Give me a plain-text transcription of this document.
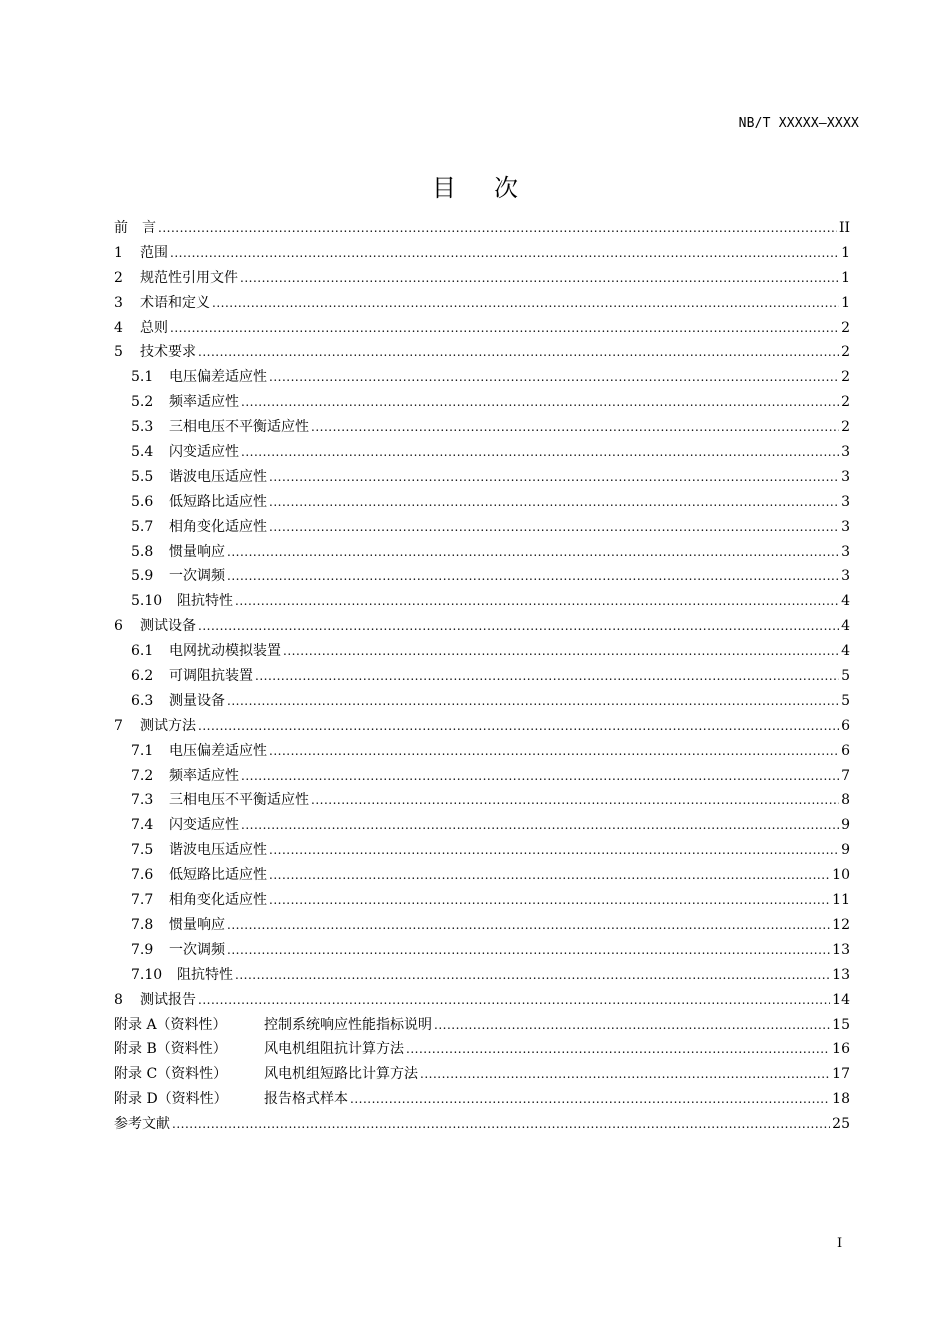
NB/T XXXXX—XXXX
目次
前　言 .....	II
1	范围 .....	1
2	规范性引用文件 .....	1
3	术语和定义 .....	1
4	总则 .....	2
5	技术要求 .....	2
5.1	电压偏差适应性 .....	2
5.2	频率适应性 .....	2
5.3	三相电压不平衡适应性 .....	2
5.4	闪变适应性 .....	3
5.5	谐波电压适应性 .....	3
5.6	低短路比适应性 .....	3
5.7	相角变化适应性 .....	3
5.8	惯量响应 .....	3
5.9	一次调频 .....	3
5.10	阻抗特性 .....	4
6	测试设备 .....	4
6.1	电网扰动模拟装置 .....	4
6.2	可调阻抗装置 .....	5
6.3	测量设备 .....	5
7	测试方法 .....	6
7.1	电压偏差适应性 .....	6
7.2	频率适应性 .....	7
7.3	三相电压不平衡适应性 .....	8
7.4	闪变适应性 .....	9
7.5	谐波电压适应性 .....	9
7.6	低短路比适应性 .....	10
7.7	相角变化适应性 .....	11
7.8	惯量响应 .....	12
7.9	一次调频 .....	13
7.10	阻抗特性 .....	13
8	测试报告 .....	14
附录 A（资料性）	控制系统响应性能指标说明 .....	15
附录 B（资料性）	风电机组阻抗计算方法 .....	16
附录 C（资料性）	风电机组短路比计算方法 .....	17
附录 D（资料性）	报告格式样本 .....	18
参考文献 .....	25
I
